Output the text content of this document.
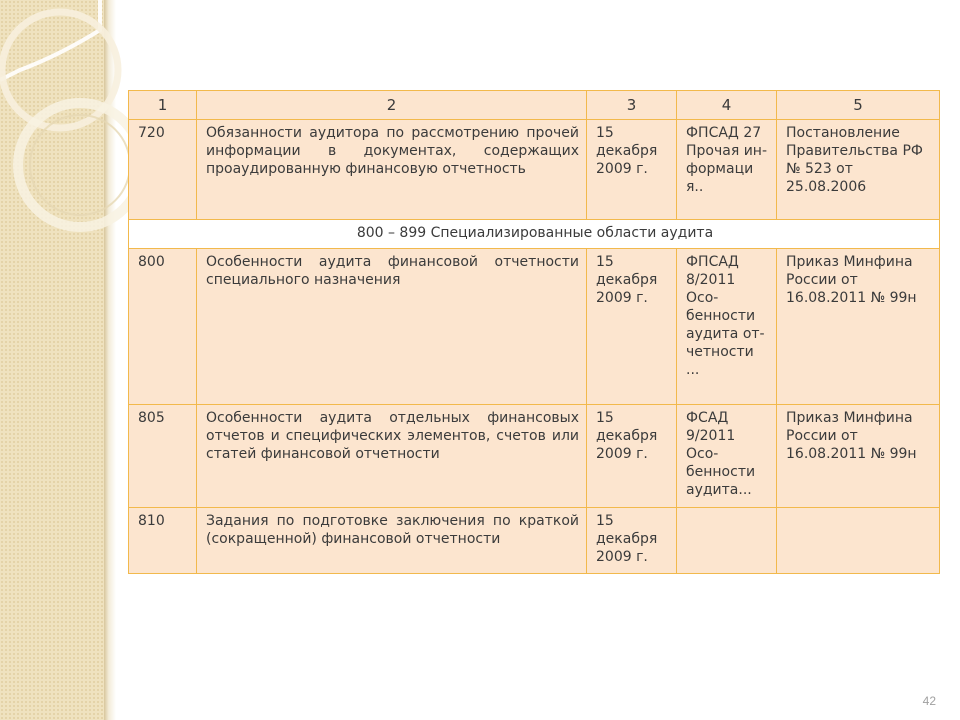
1	2	3	4	5
720	Обязанности аудитора по рассмотрению прочей информации в документах, содержащих проаудированную финансовую отчетность	15 декабря 2009 г.	ФПСАД 27 Прочая ин-формаци я..	Постановление Правительства РФ № 523 от 25.08.2006
800 – 899 Специализированные области аудита				
800	Особенности аудита финансовой отчетности специального назначения	15 декабря 2009 г.	ФПСАД 8/2011 Осо-бенности аудита от-четности ...	Приказ Минфина России от 16.08.2011 № 99н
805	Особенности аудита отдельных финансовых отчетов и специфических элементов, счетов или статей финансовой отчетности	15 декабря 2009 г.	ФСАД 9/2011 Осо-бенности аудита...	Приказ Минфина России от 16.08.2011 № 99н
810	Задания по подготовке заключения по краткой (сокращенной) финансовой отчетности	15 декабря 2009 г.		
42
